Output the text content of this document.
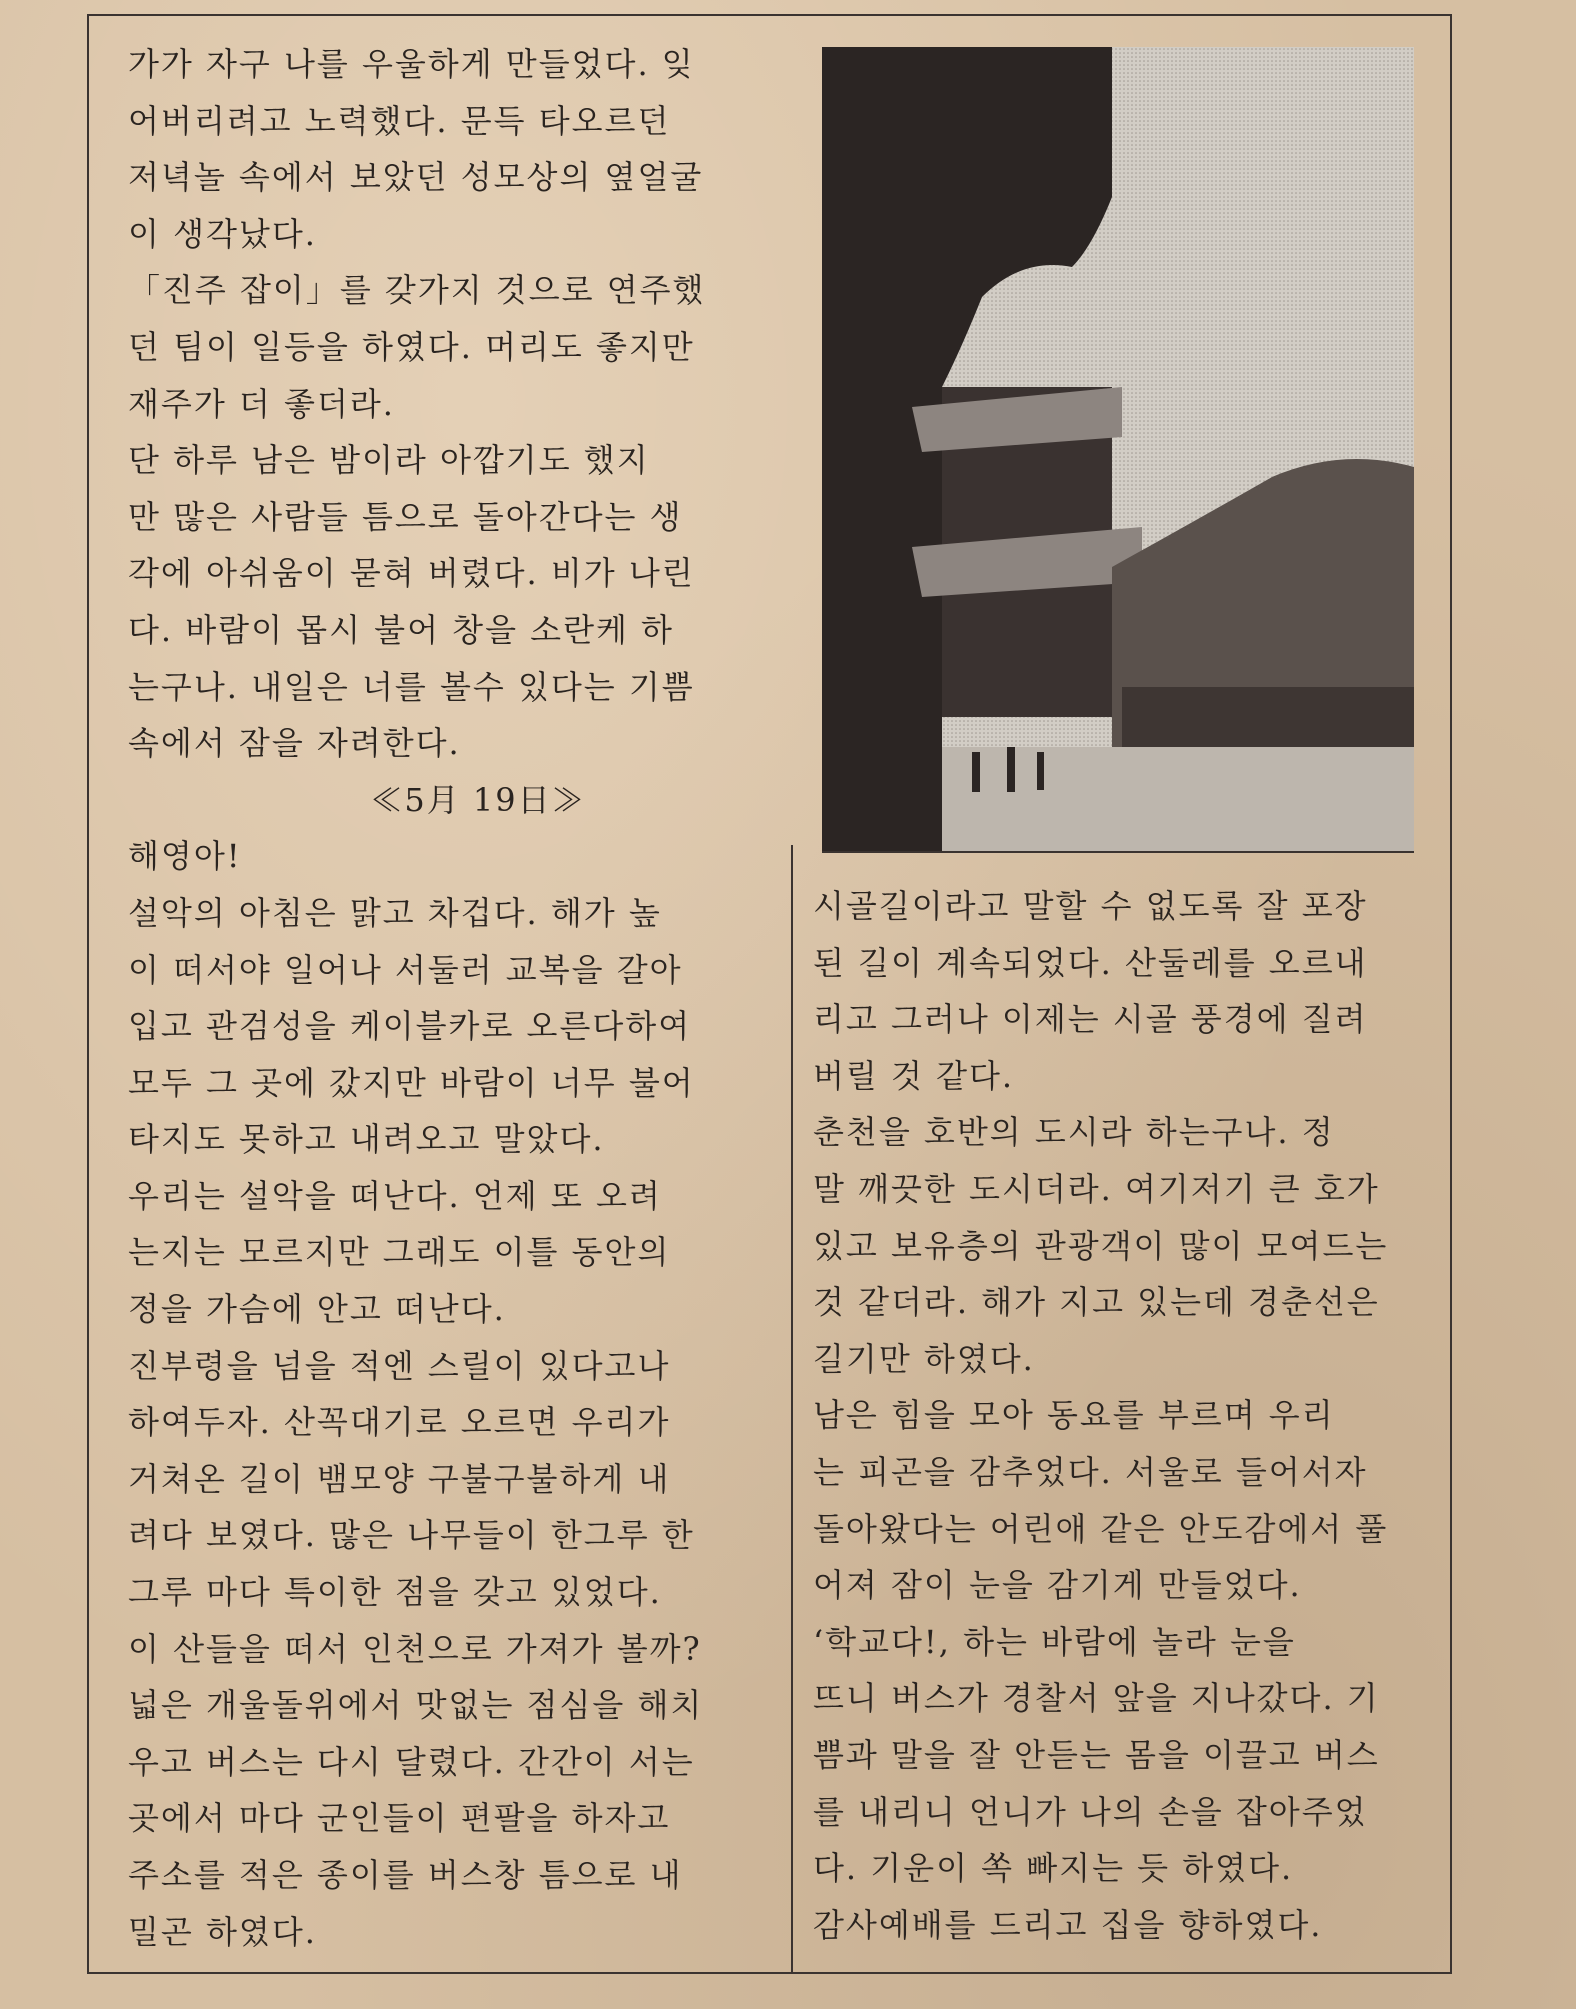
가가 자구 나를 우울하게 만들었다. 잊

어버리려고 노력했다. 문득 타오르던

저녁놀 속에서 보았던 성모상의 옆얼굴

이 생각났다.

「진주 잡이」를 갖가지 것으로 연주했

던 팀이 일등을 하였다. 머리도 좋지만

재주가 더 좋더라.

단 하루 남은 밤이라 아깝기도 했지

만 많은 사람들 틈으로 돌아간다는 생

각에 아쉬움이 묻혀 버렸다. 비가 나린

다. 바람이 몹시 불어 창을 소란케 하

는구나. 내일은 너를 볼수 있다는 기쁨

속에서 잠을 자려한다.

≪5月 19日≫

해영아!

설악의 아침은 맑고 차겁다. 해가 높

이 떠서야 일어나 서둘러 교복을 갈아

입고 관검성을 케이블카로 오른다하여

모두 그 곳에 갔지만 바람이 너무 불어

타지도 못하고 내려오고 말았다.

우리는 설악을 떠난다. 언제 또 오려

는지는 모르지만 그래도 이틀 동안의

정을 가슴에 안고 떠난다.

진부령을 넘을 적엔 스릴이 있다고나

하여두자. 산꼭대기로 오르면 우리가

거쳐온 길이 뱀모양 구불구불하게 내

려다 보였다. 많은 나무들이 한그루 한

그루 마다 특이한 점을 갖고 있었다.

이 산들을 떠서 인천으로 가져가 볼까?

넓은 개울돌위에서 맛없는 점심을 해치

우고 버스는 다시 달렸다. 간간이 서는

곳에서 마다 군인들이 편팔을 하자고

주소를 적은 종이를 버스창 틈으로 내

밀곤 하였다.

시골길이라고 말할 수 없도록 잘 포장

된 길이 계속되었다. 산둘레를 오르내

리고 그러나 이제는 시골 풍경에 질려

버릴 것 같다.

춘천을 호반의 도시라 하는구나. 정

말 깨끗한 도시더라. 여기저기 큰 호가

있고 보유층의 관광객이 많이 모여드는

것 같더라. 해가 지고 있는데 경춘선은

길기만 하였다.

남은 힘을 모아 동요를 부르며 우리

는 피곤을 감추었다. 서울로 들어서자

돌아왔다는 어린애 같은 안도감에서 풀

어져 잠이 눈을 감기게 만들었다.

‘학교다!, 하는 바람에 놀라 눈을

뜨니 버스가 경찰서 앞을 지나갔다. 기

쁨과 말을 잘 안듣는 몸을 이끌고 버스

를 내리니 언니가 나의 손을 잡아주었

다. 기운이 쏙 빠지는 듯 하였다.

감사예배를 드리고 집을 향하였다.
